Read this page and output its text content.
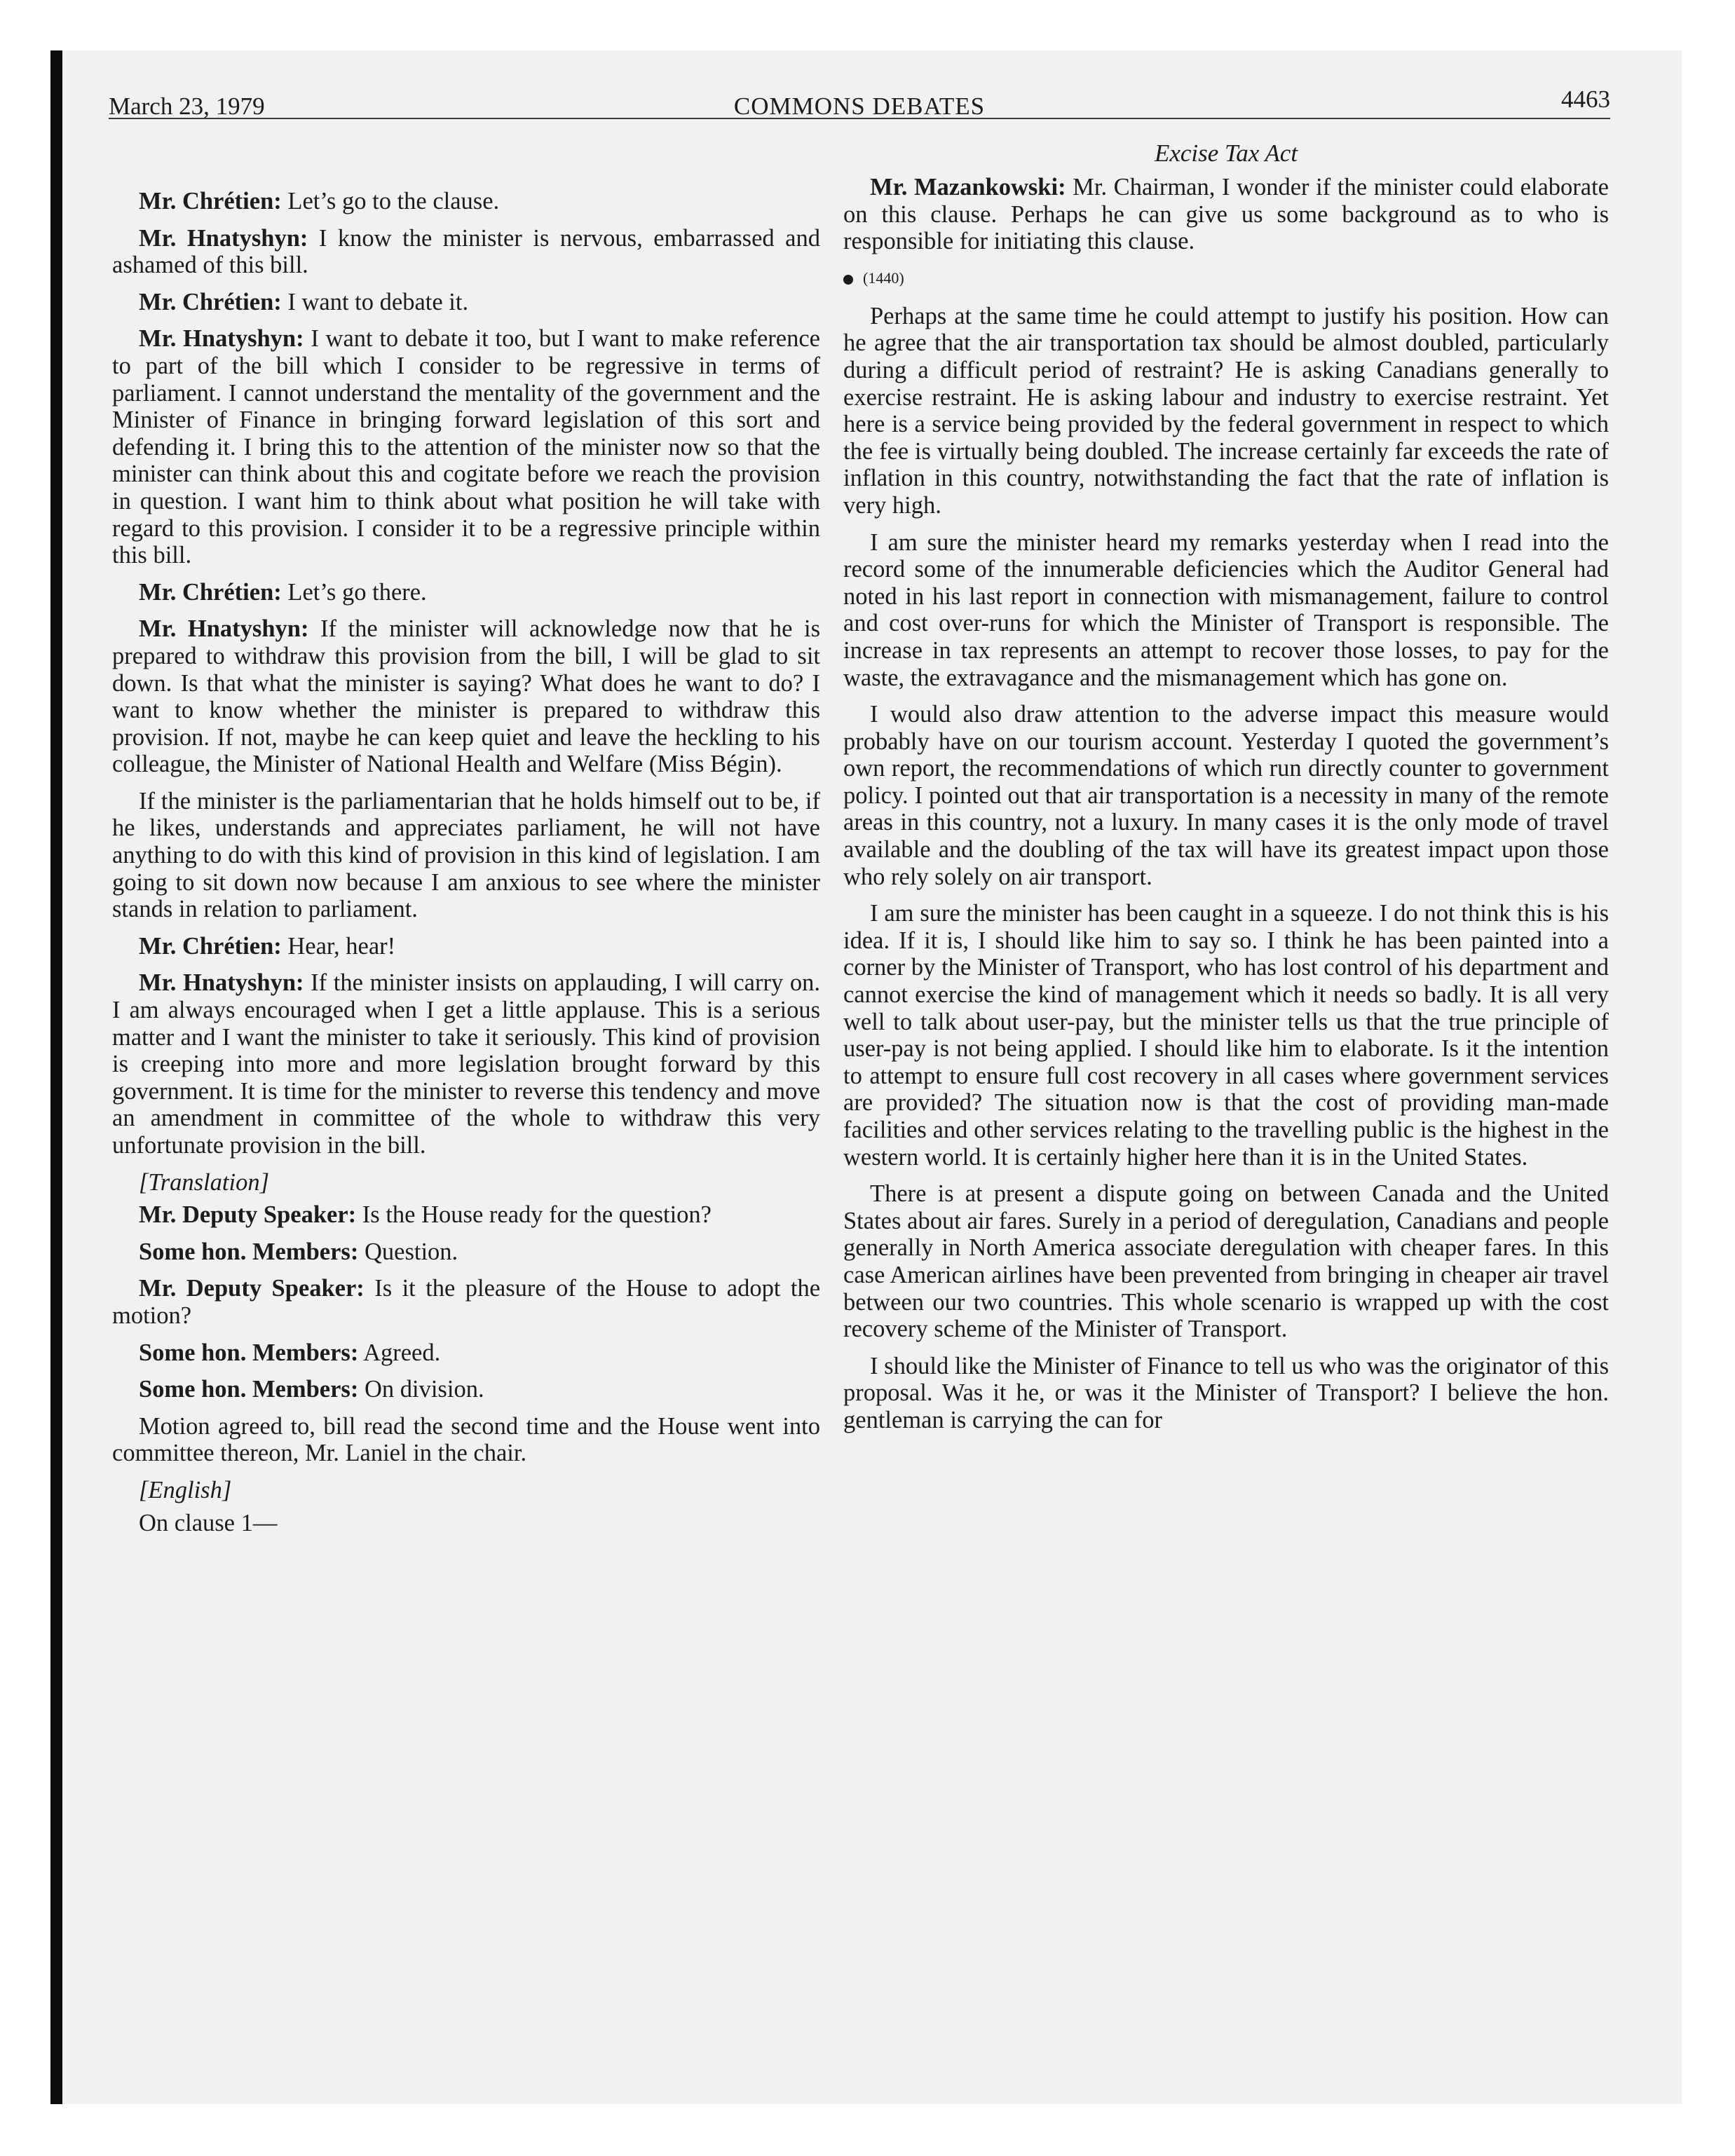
March 23, 1979	COMMONS DEBATES	4463

Mr. Chrétien: Let’s go to the clause.

Mr. Hnatyshyn: I know the minister is nervous, embarrassed and ashamed of this bill.

Mr. Chrétien: I want to debate it.

Mr. Hnatyshyn: I want to debate it too, but I want to make reference to part of the bill which I consider to be regressive in terms of parliament. I cannot understand the mentality of the government and the Minister of Finance in bringing forward legislation of this sort and defending it. I bring this to the attention of the minister now so that the minister can think about this and cogitate before we reach the provision in question. I want him to think about what position he will take with regard to this provision. I consider it to be a regressive principle within this bill.

Mr. Chrétien: Let’s go there.

Mr. Hnatyshyn: If the minister will acknowledge now that he is prepared to withdraw this provision from the bill, I will be glad to sit down. Is that what the minister is saying? What does he want to do? I want to know whether the minister is prepared to withdraw this provision. If not, maybe he can keep quiet and leave the heckling to his colleague, the Minister of National Health and Welfare (Miss Bégin).

If the minister is the parliamentarian that he holds himself out to be, if he likes, understands and appreciates parliament, he will not have anything to do with this kind of provision in this kind of legislation. I am going to sit down now because I am anxious to see where the minister stands in relation to parliament.

Mr. Chrétien: Hear, hear!

Mr. Hnatyshyn: If the minister insists on applauding, I will carry on. I am always encouraged when I get a little applause. This is a serious matter and I want the minister to take it seriously. This kind of provision is creeping into more and more legislation brought forward by this government. It is time for the minister to reverse this tendency and move an amendment in committee of the whole to withdraw this very unfortunate provision in the bill.

[Translation]

Mr. Deputy Speaker: Is the House ready for the question?

Some hon. Members: Question.

Mr. Deputy Speaker: Is it the pleasure of the House to adopt the motion?

Some hon. Members: Agreed.

Some hon. Members: On division.

Motion agreed to, bill read the second time and the House went into committee thereon, Mr. Laniel in the chair.

[English]

On clause 1—

Excise Tax Act

Mr. Mazankowski: Mr. Chairman, I wonder if the minister could elaborate on this clause. Perhaps he can give us some background as to who is responsible for initiating this clause.

(1440)

Perhaps at the same time he could attempt to justify his position. How can he agree that the air transportation tax should be almost doubled, particularly during a difficult period of restraint? He is asking Canadians generally to exercise restraint. He is asking labour and industry to exercise restraint. Yet here is a service being provided by the federal government in respect to which the fee is virtually being doubled. The increase certainly far exceeds the rate of inflation in this country, notwithstanding the fact that the rate of inflation is very high.

I am sure the minister heard my remarks yesterday when I read into the record some of the innumerable deficiencies which the Auditor General had noted in his last report in connection with mismanagement, failure to control and cost over-runs for which the Minister of Transport is responsible. The increase in tax represents an attempt to recover those losses, to pay for the waste, the extravagance and the mismanagement which has gone on.

I would also draw attention to the adverse impact this measure would probably have on our tourism account. Yesterday I quoted the government’s own report, the recommendations of which run directly counter to government policy. I pointed out that air transportation is a necessity in many of the remote areas in this country, not a luxury. In many cases it is the only mode of travel available and the doubling of the tax will have its greatest impact upon those who rely solely on air transport.

I am sure the minister has been caught in a squeeze. I do not think this is his idea. If it is, I should like him to say so. I think he has been painted into a corner by the Minister of Transport, who has lost control of his department and cannot exercise the kind of management which it needs so badly. It is all very well to talk about user-pay, but the minister tells us that the true principle of user-pay is not being applied. I should like him to elaborate. Is it the intention to attempt to ensure full cost recovery in all cases where government services are provided? The situation now is that the cost of providing man-made facilities and other services relating to the travelling public is the highest in the western world. It is certainly higher here than it is in the United States.

There is at present a dispute going on between Canada and the United States about air fares. Surely in a period of deregulation, Canadians and people generally in North America associate deregulation with cheaper fares. In this case American airlines have been prevented from bringing in cheaper air travel between our two countries. This whole scenario is wrapped up with the cost recovery scheme of the Minister of Transport.

I should like the Minister of Finance to tell us who was the originator of this proposal. Was it he, or was it the Minister of Transport? I believe the hon. gentleman is carrying the can for
